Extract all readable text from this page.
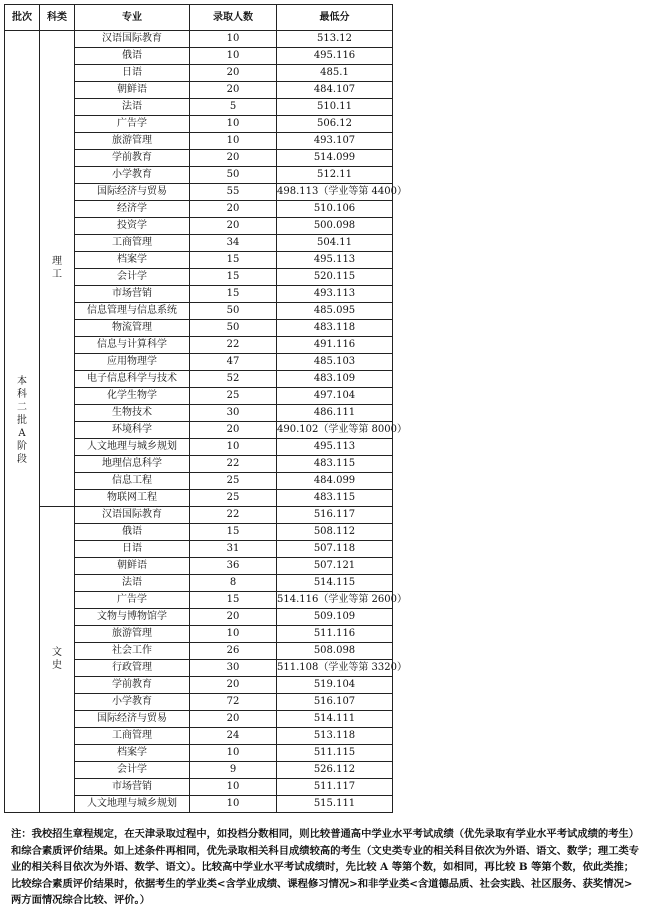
批次	科类	专业	录取人数	最低分
本科二批A阶段	理工	汉语国际教育	10	513.12
		俄语	10	495.116
		日语	20	485.1
		朝鲜语	20	484.107
		法语	5	510.11
		广告学	10	506.12
		旅游管理	10	493.107
		学前教育	20	514.099
		小学教育	50	512.11
		国际经济与贸易	55	498.113（学业等第 4400）
		经济学	20	510.106
		投资学	20	500.098
		工商管理	34	504.11
		档案学	15	495.113
		会计学	15	520.115
		市场营销	15	493.113
		信息管理与信息系统	50	485.095
		物流管理	50	483.118
		信息与计算科学	22	491.116
		应用物理学	47	485.103
		电子信息科学与技术	52	483.109
		化学生物学	25	497.104
		生物技术	30	486.111
		环境科学	20	490.102（学业等第 8000）
		人文地理与城乡规划	10	495.113
		地理信息科学	22	483.115
		信息工程	25	484.099
		物联网工程	25	483.115
	文史	汉语国际教育	22	516.117
		俄语	15	508.112
		日语	31	507.118
		朝鲜语	36	507.121
		法语	8	514.115
		广告学	15	514.116（学业等第 2600）
		文物与博物馆学	20	509.109
		旅游管理	10	511.116
		社会工作	26	508.098
		行政管理	30	511.108（学业等第 3320）
		学前教育	20	519.104
		小学教育	72	516.107
		国际经济与贸易	20	514.111
		工商管理	24	513.118
		档案学	10	511.115
		会计学	9	526.112
		市场营销	10	511.117
		人文地理与城乡规划	10	515.111
注：我校招生章程规定，在天津录取过程中，如投档分数相同，则比较普通高中学业水平考试成绩（优先录取有学业水平考试成绩的考生）和综合素质评价结果。如上述条件再相同，优先录取相关科目成绩较高的考生（文史类专业的相关科目依次为外语、语文、数学；理工类专业的相关科目依次为外语、数学、语文）。比较高中学业水平考试成绩时，先比较 A 等第个数，如相同，再比较 B 等第个数，依此类推；比较综合素质评价结果时，依据考生的学业类<含学业成绩、课程修习情况>和非学业类<含道德品质、社会实践、社区服务、获奖情况>两方面情况综合比较、评价。）
